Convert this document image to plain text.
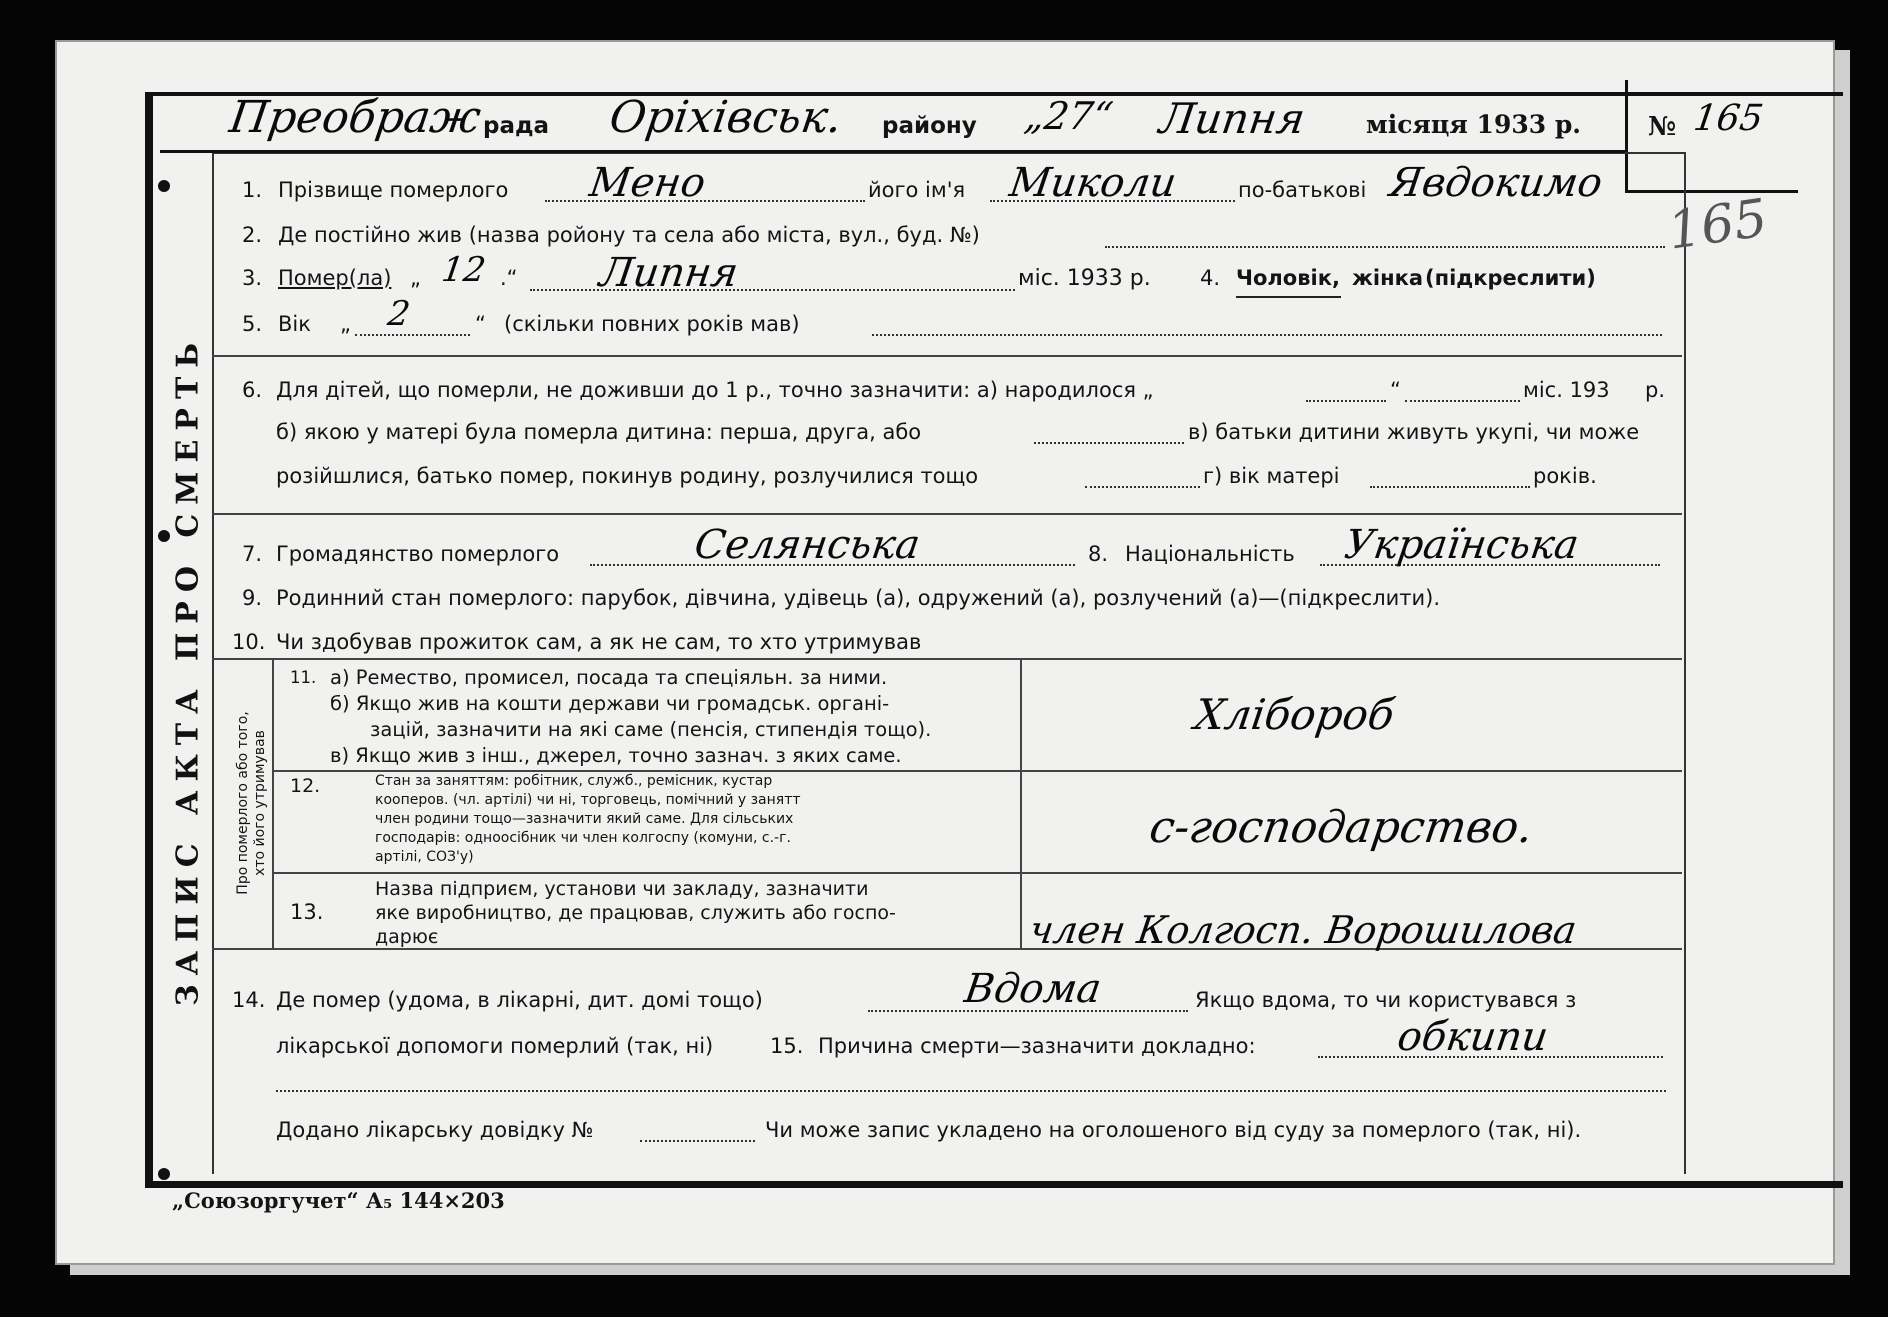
ЗАПИС АКТА ПРО СМЕРТЬ
Преображ рада Оріхівськ. району „27“ Липня місяця 1933 р.	№ 165
165
1. Прізвище померлого Мено	його ім'я Миколи	по-батькові Явдокимо
2. Де постійно жив (назва ройону та села або міста, вул., буд. №)
3. Помер(ла) „ 12 .“ Липня	міс. 1933 р. 4. Чоловік, жінка (підкреслити)
5. Вік „ 2	“ (скільки повних років мав)
6. Для дітей, що померли, не доживши до 1 р., точно зазначити: а) народилося „	“	міс. 193 р.
б) якою у матері була померла дитина: перша, друга, або	в) батьки дитини живуть укупі, чи може
розійшлися, батько помер, покинув родину, розлучилися тощо	г) вік матері	років.
7. Громадянство померлого	Селянська	8. Національність Українська
9. Родинний стан померлого: парубок, дівчина, удівець (а), одружений (а), розлучений (а)—(підкреслити).
10. Чи здобував прожиток сам, а як не сам, то хто утримував
Про померлого або того, хто його утримував
11. а) Ремество, промисел, посада та спеціяльн. за ними.
б) Якщо жив на кошти держави чи громадськ. органі-
зацій, зазначити на які саме (пенсія, стипендія тощо).
в) Якщо жив з інш., джерел, точно зазнач. з яких саме.
Хлібороб
12.	Стан за заняттям: робітник, служб., ремісник, кустар
кооперов. (чл. артілі) чи ні, торговець, помічний у занятт
член родини тощо—зазначити який саме. Для сільських
господарів: одноосібник чи член колгоспу (комуни, с.-г.
артілі, СОЗ'у)
с-господарство.
13.
Назва підприєм, установи чи закладу, зазначити
яке виробництво, де працював, служить або госпо-
дарює	член Колгосп. Ворошилова
14. Де помер (удома, в лікарні, дит. домі тощо)	Вдома	Якщо вдома, то чи користувався з
лікарської допомоги померлий (так, ні)	15. Причина смерти—зазначити докладно:	обкипи
Додано лікарську довідку №	Чи може запис укладено на оголошеного від суду за померлого (так, ні).
„Союзоргучет“ А₅ 144×203
